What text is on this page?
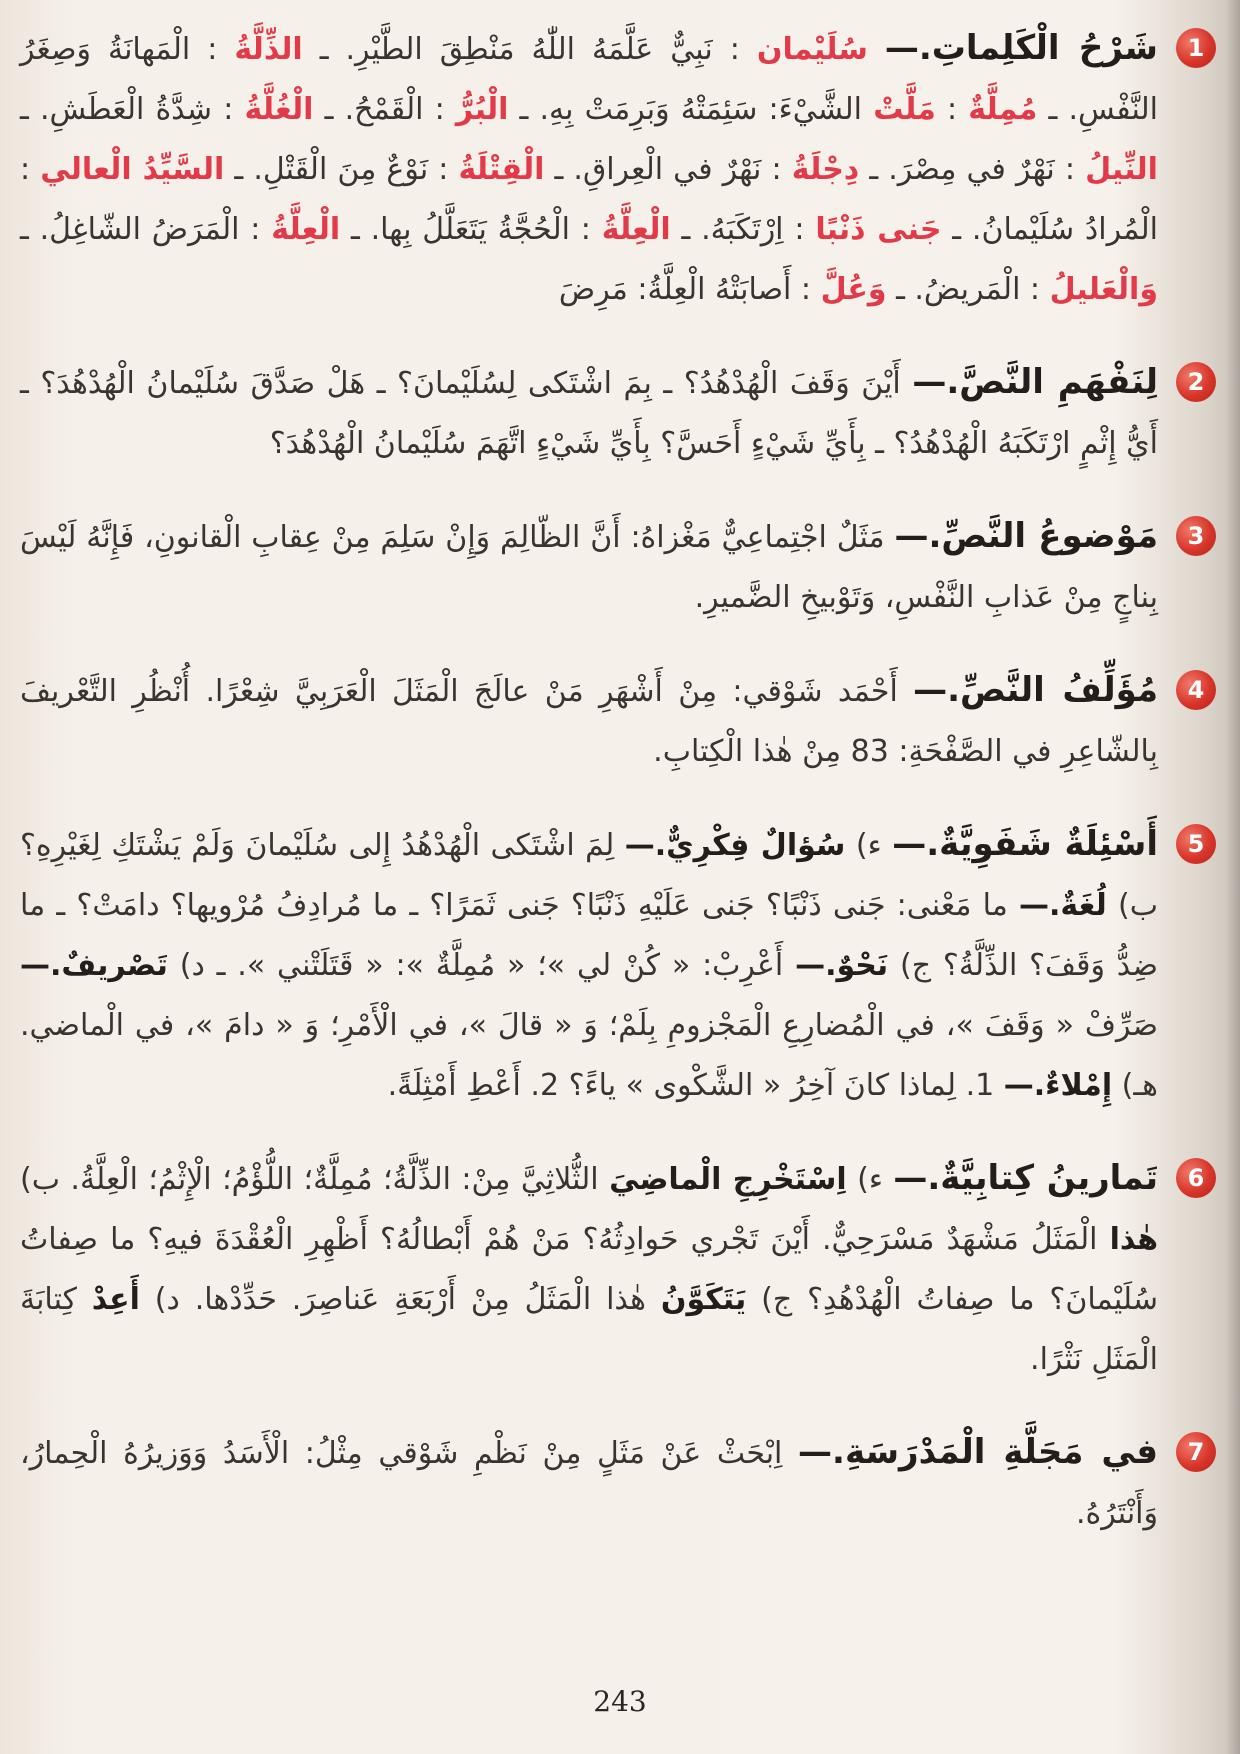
1
شَرْحُ الْكَلِماتِ.— سُلَيْمان : نَبِيٌّ عَلَّمَهُ اللّٰهُ مَنْطِقَ الطَّيْرِ. ـ الذِّلَّةُ : الْمَهانَةُ وَصِغَرُ النَّفْسِ. ـ مُمِلَّةٌ : مَلَّتْ الشَّيْءَ: سَئِمَتْهُ وَبَرِمَتْ بِهِ. ـ الْبُرُّ : الْقَمْحُ. ـ الْغُلَّةُ : شِدَّةُ الْعَطَشِ. ـ النِّيلُ : نَهْرٌ في مِصْرَ. ـ دِجْلَةُ : نَهْرٌ في الْعِراقِ. ـ الْقِتْلَةُ : نَوْعٌ مِنَ الْقَتْلِ. ـ السَّيِّدُ الْعالي : الْمُرادُ سُلَيْمانُ. ـ جَنى ذَنْبًا : اِرْتَكَبَهُ. ـ الْعِلَّةُ : الْحُجَّةُ يَتَعَلَّلُ بِها. ـ الْعِلَّةُ : الْمَرَضُ الشّاغِلُ. ـ وَالْعَليلُ : الْمَريضُ. ـ وَعُلَّ : أَصابَتْهُ الْعِلَّةُ: مَرِضَ
2
لِنَفْهَمِ النَّصَّ.— أَيْنَ وَقَفَ الْهُدْهُدُ؟ ـ بِمَ اشْتَكى لِسُلَيْمانَ؟ ـ هَلْ صَدَّقَ سُلَيْمانُ الْهُدْهُدَ؟ ـ أَيُّ إِثْمٍ ارْتَكَبَهُ الْهُدْهُدُ؟ ـ بِأَيِّ شَيْءٍ أَحَسَّ؟ بِأَيِّ شَيْءٍ اتَّهَمَ سُلَيْمانُ الْهُدْهُدَ؟
3
مَوْضوعُ النَّصِّ.— مَثَلٌ اجْتِماعِيٌّ مَغْزاهُ: أَنَّ الظّالِمَ وَإِنْ سَلِمَ مِنْ عِقابِ الْقانونِ، فَإِنَّهُ لَيْسَ بِناجٍ مِنْ عَذابِ النَّفْسِ، وَتَوْبيخِ الضَّميرِ.
4
مُؤَلِّفُ النَّصِّ.— أَحْمَد شَوْقي: مِنْ أَشْهَرِ مَنْ عالَجَ الْمَثَلَ الْعَرَبِيَّ شِعْرًا. أُنْظُرِ التَّعْريفَ بِالشّاعِرِ في الصَّفْحَةِ: 83 مِنْ هٰذا الْكِتابِ.
5
أَسْئِلَةٌ شَفَوِيَّةٌ.— ء) سُؤالٌ فِكْرِيٌّ.— لِمَ اشْتَكى الْهُدْهُدُ إِلى سُلَيْمانَ وَلَمْ يَشْتَكِ لِغَيْرِهِ؟ ب) لُغَةٌ.— ما مَعْنى: جَنى ذَنْبًا؟ جَنى عَلَيْهِ ذَنْبًا؟ جَنى ثَمَرًا؟ ـ ما مُرادِفُ مُرْويها؟ دامَتْ؟ ـ ما ضِدُّ وَقَفَ؟ الذِّلَّةُ؟ ج) نَحْوٌ.— أَعْرِبْ: « كُنْ لي »؛ « مُمِلَّةٌ »: « قَتَلَتْني ». ـ د) تَصْريفٌ.— صَرِّفْ « وَقَفَ »، في الْمُضارِعِ الْمَجْزومِ بِلَمْ؛ وَ « قالَ »، في الْأَمْرِ؛ وَ « دامَ »، في الْماضي. هـ) إِمْلاءٌ.— 1. لِماذا كانَ آخِرُ « الشَّكْوى » ياءً؟ 2. أَعْطِ أَمْثِلَةً.
6
تَمارينُ كِتابِيَّةٌ.— ء) اِسْتَخْرِجِ الْماضِيَ الثُّلاثِيَّ مِنْ: الذِّلَّةُ؛ مُمِلَّةٌ؛ اللُّؤْمُ؛ الْإِثْمُ؛ الْعِلَّةُ. ب) هٰذا الْمَثَلُ مَشْهَدٌ مَسْرَحِيٌّ. أَيْنَ تَجْري حَوادِثُهُ؟ مَنْ هُمْ أَبْطالُهُ؟ أَظْهِرِ الْعُقْدَةَ فيهِ؟ ما صِفاتُ سُلَيْمانَ؟ ما صِفاتُ الْهُدْهُدِ؟ ج) يَتَكَوَّنُ هٰذا الْمَثَلُ مِنْ أَرْبَعَةِ عَناصِرَ. حَدِّدْها. د) أَعِدْ كِتابَةَ الْمَثَلِ نَثْرًا.
7
في مَجَلَّةِ الْمَدْرَسَةِ.— اِبْحَثْ عَنْ مَثَلٍ مِنْ نَظْمِ شَوْقي مِثْلُ: الْأَسَدُ وَوَزيرُهُ الْحِمارُ، وَأَنْتَرُهُ.
243
